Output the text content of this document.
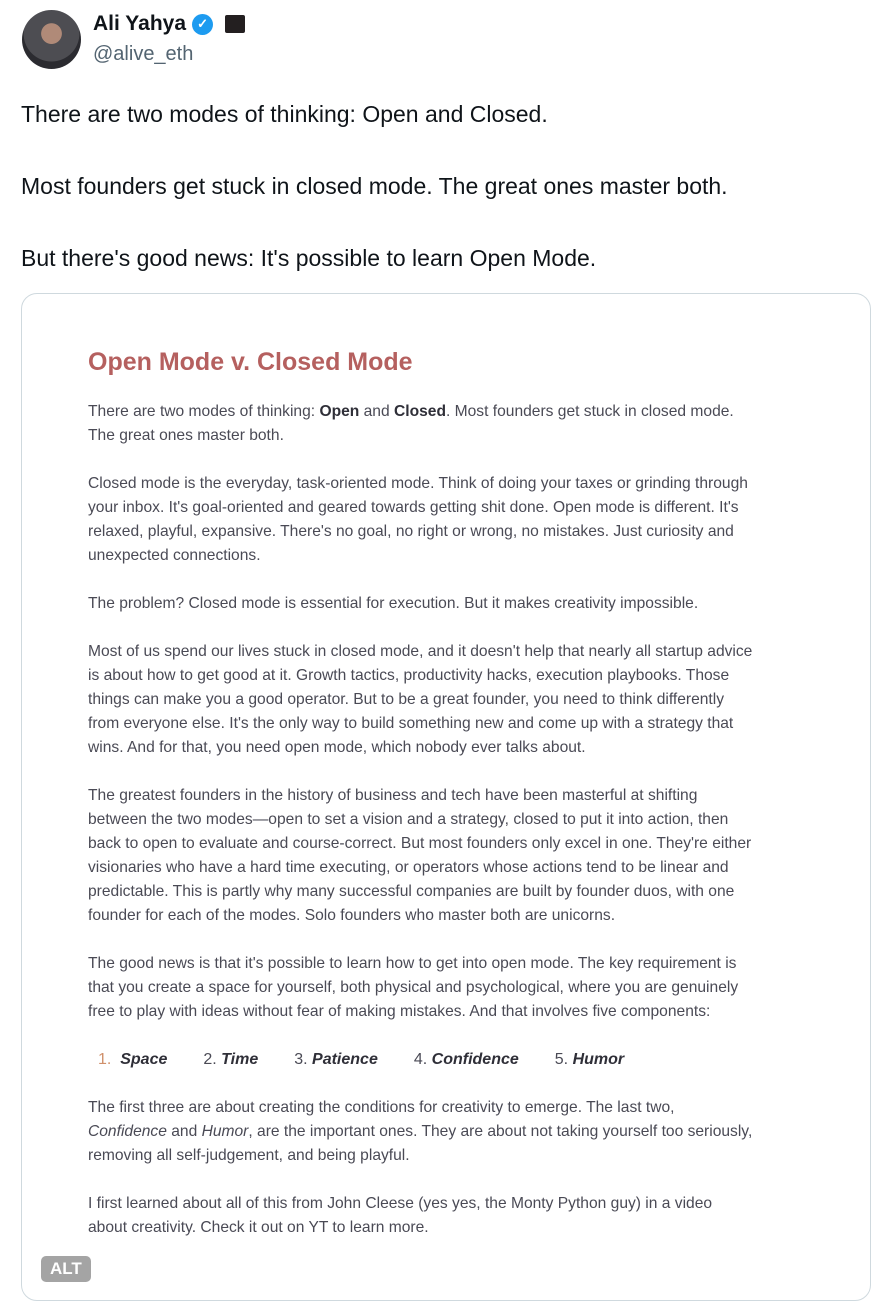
Ali Yahya ✓
@alive_eth

There are two modes of thinking: Open and Closed.

Most founders get stuck in closed mode. The great ones master both.

But there's good news: It's possible to learn Open Mode.

Open Mode v. Closed Mode
There are two modes of thinking: Open and Closed. Most founders get stuck in closed mode.
The great ones master both.
Closed mode is the everyday, task-oriented mode. Think of doing your taxes or grinding through
your inbox. It's goal-oriented and geared towards getting shit done. Open mode is different. It's
relaxed, playful, expansive. There's no goal, no right or wrong, no mistakes. Just curiosity and
unexpected connections.
The problem? Closed mode is essential for execution. But it makes creativity impossible.
Most of us spend our lives stuck in closed mode, and it doesn't help that nearly all startup advice
is about how to get good at it. Growth tactics, productivity hacks, execution playbooks. Those
things can make you a good operator. But to be a great founder, you need to think differently
from everyone else. It's the only way to build something new and come up with a strategy that
wins. And for that, you need open mode, which nobody ever talks about.
The greatest founders in the history of business and tech have been masterful at shifting
between the two modes—open to set a vision and a strategy, closed to put it into action, then
back to open to evaluate and course-correct. But most founders only excel in one. They're either
visionaries who have a hard time executing, or operators whose actions tend to be linear and
predictable. This is partly why many successful companies are built by founder duos, with one
founder for each of the modes. Solo founders who master both are unicorns.
The good news is that it's possible to learn how to get into open mode. The key requirement is
that you create a space for yourself, both physical and psychological, where you are genuinely
free to play with ideas without fear of making mistakes. And that involves five components:
1. Space 2. Time 3. Patience 4. Confidence 5. Humor
The first three are about creating the conditions for creativity to emerge. The last two,
Confidence and Humor, are the important ones. They are about not taking yourself too seriously,
removing all self-judgement, and being playful.
I first learned about all of this from John Cleese (yes yes, the Monty Python guy) in a video
about creativity. Check it out on YT to learn more.
ALT
